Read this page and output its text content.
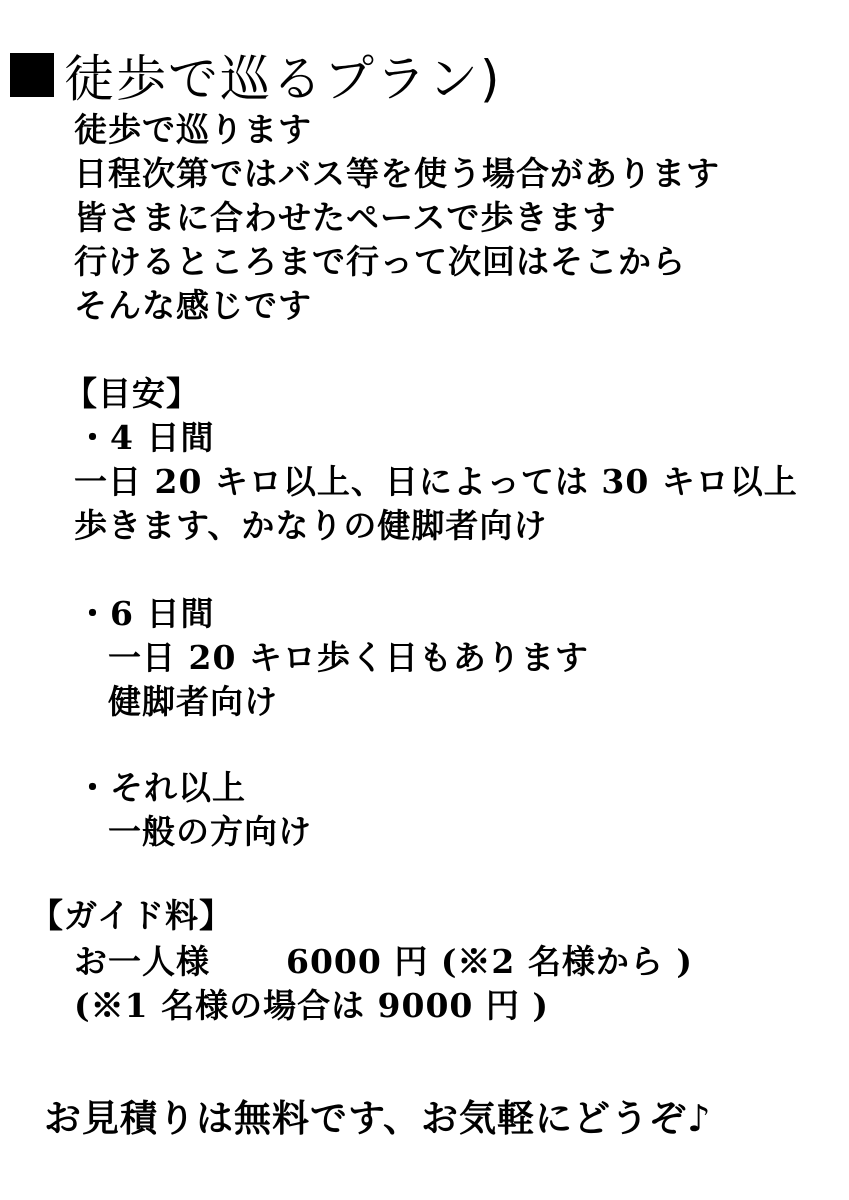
徒歩で巡るプラン)
徒歩で巡ります
日程次第ではバス等を使う場合があります
皆さまに合わせたペースで歩きます
行けるところまで行って次回はそこから
そんな感じです
【目安】
・4 日間
一日 20 キロ以上、日によっては 30 キロ以上
歩きます、かなりの健脚者向け
・6 日間
一日 20 キロ歩く日もあります
健脚者向け
・それ以上
一般の方向け
【ガイド料】
お一人様 6000 円 (※2 名様から )
(※1 名様の場合は 9000 円 )
お見積りは無料です、お気軽にどうぞ♪
